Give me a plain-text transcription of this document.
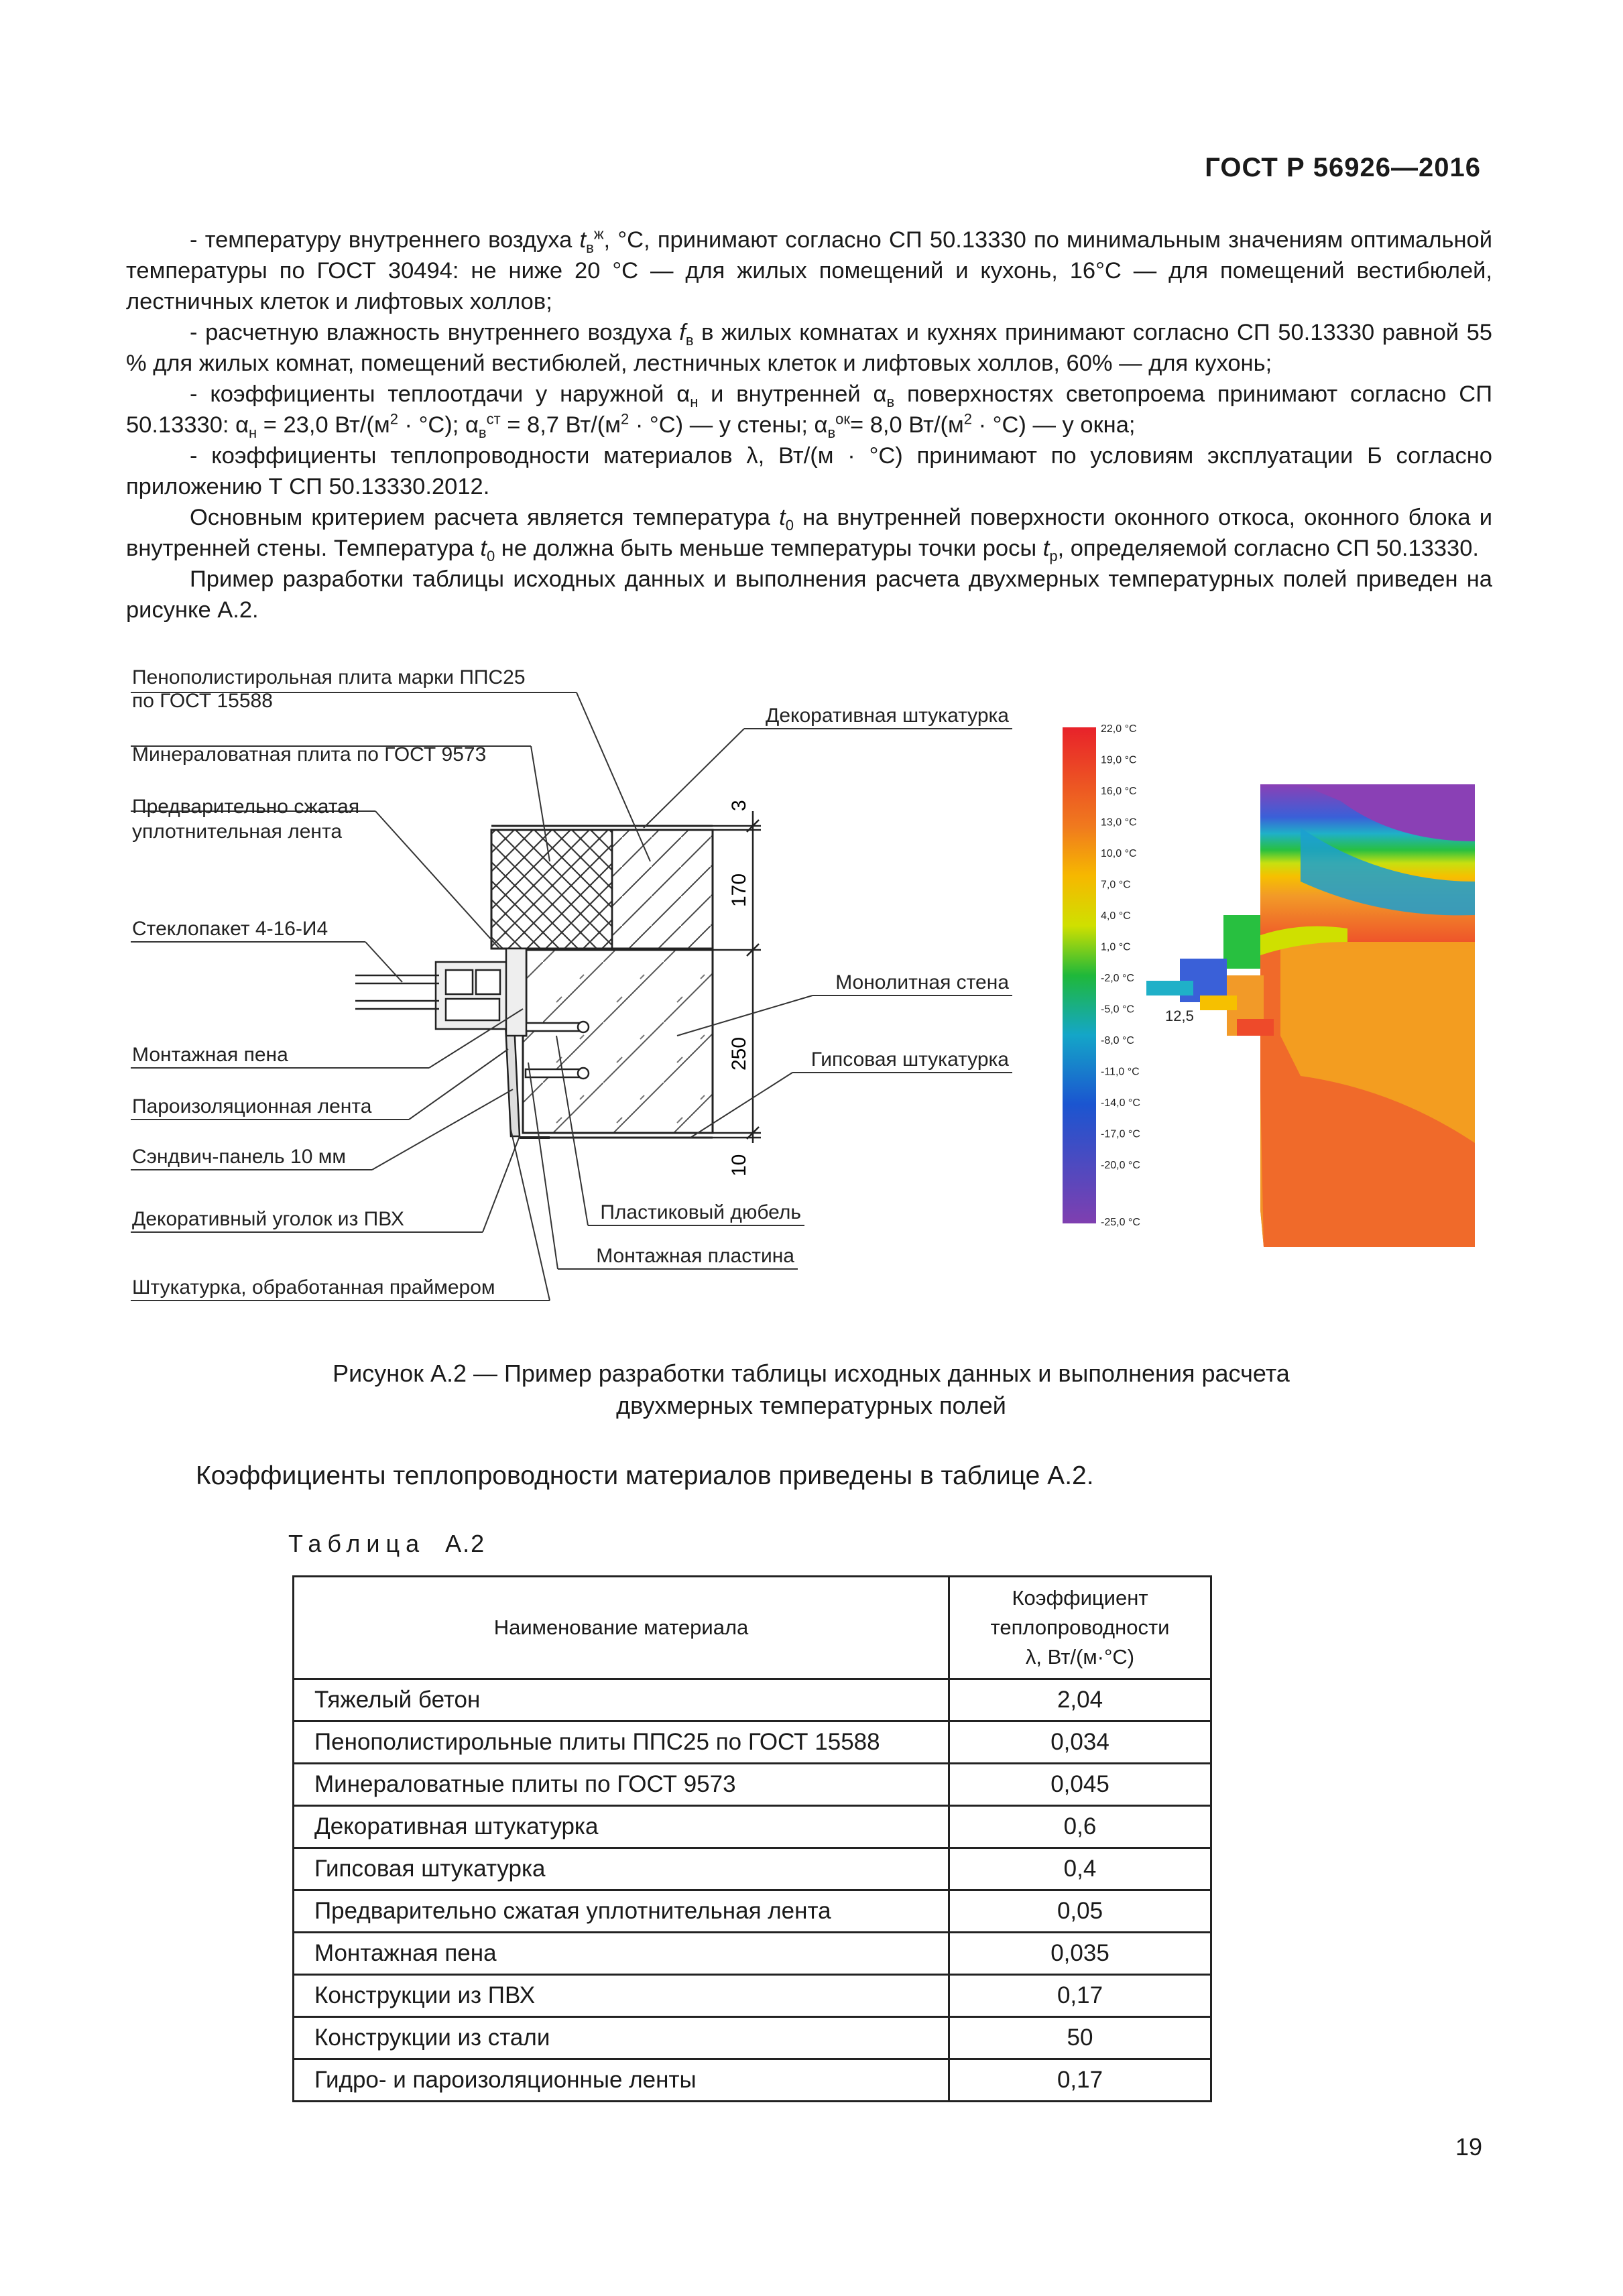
ГОСТ Р 56926—2016

- температуру внутреннего воздуха $t_в^ж$, °С, принимают согласно СП 50.13330 по минимальным значениям оптимальной температуры по ГОСТ 30494: не ниже 20 °С — для жилых помещений и кухонь, 16°С — для помещений вестибюлей, лестничных клеток и лифтовых холлов;

- расчетную влажность внутреннего воздуха $f_в$ в жилых комнатах и кухнях принимают согласно СП 50.13330 равной 55 % для жилых комнат, помещений вестибюлей, лестничных клеток и лифтовых холлов, 60% — для кухонь;

- коэффициенты теплоотдачи у наружной $\alpha_н$ и внутренней $\alpha_в$ поверхностях светопроема принимают согласно СП 50.13330: $\alpha_н = 23,0$ $Вт/(м^2 \cdot ^\circ С)$; $\alpha_в^{ст} = 8,7$ $Вт/(м^2 \cdot ^\circ С)$ — у стены; $\alpha_в^{ок}= 8,0$ $Вт/(м^2 \cdot ^\circ С)$ — у окна;

- коэффициенты теплопроводности материалов λ, Вт/(м · °С) принимают по условиям эксплуатации Б согласно приложению Т СП 50.13330.2012.

Основным критерием расчета является температура $t_0$ на внутренней поверхности оконного откоса, оконного блока и внутренней стены. Температура $t_0$ не должна быть меньше температуры точки росы $t_р$, определяемой согласно СП 50.13330.

Пример разработки таблицы исходных данных и выполнения расчета двухмерных температурных полей приведен на рисунке А.2.

3
170
250
10
Пенополистирольная плита марки ППС25
по ГОСТ 15588
Минераловатная плита по ГОСТ 9573
Предварительно сжатая
уплотнительная лента
Стеклопакет 4-16-И4
Монтажная пена
Пароизоляционная лента
Сэндвич-панель 10 мм
Декоративный уголок из ПВХ
Штукатурка, обработанная праймером
Декоративная штукатурка
Монолитная стена
Гипсовая штукатурка
Пластиковый дюбель
Монтажная пластина
22,0 °C
19,0 °C
16,0 °C
13,0 °C
10,0 °C
7,0 °C
4,0 °C
1,0 °C
-2,0 °C
-5,0 °C
-8,0 °C
-11,0 °C
-14,0 °C
-17,0 °C
-20,0 °C
-25,0 °C
12,5
Рисунок А.2 — Пример разработки таблицы исходных данных и выполнения расчета
двухмерных температурных полей
Коэффициенты теплопроводности материалов приведены в таблице А.2.
Таблица А.2
Наименование материала	Коэффициент
теплопроводности
λ, Вт/(м·°С)

Тяжелый бетон	2,04
Пенополистирольные плиты ППС25 по ГОСТ 15588	0,034
Минераловатные плиты по ГОСТ 9573	0,045
Декоративная штукатурка	0,6
Гипсовая штукатурка	0,4
Предварительно сжатая уплотнительная лента	0,05
Монтажная пена	0,035
Конструкции из ПВХ	0,17
Конструкции из стали	50
Гидро- и пароизоляционные ленты	0,17
19
